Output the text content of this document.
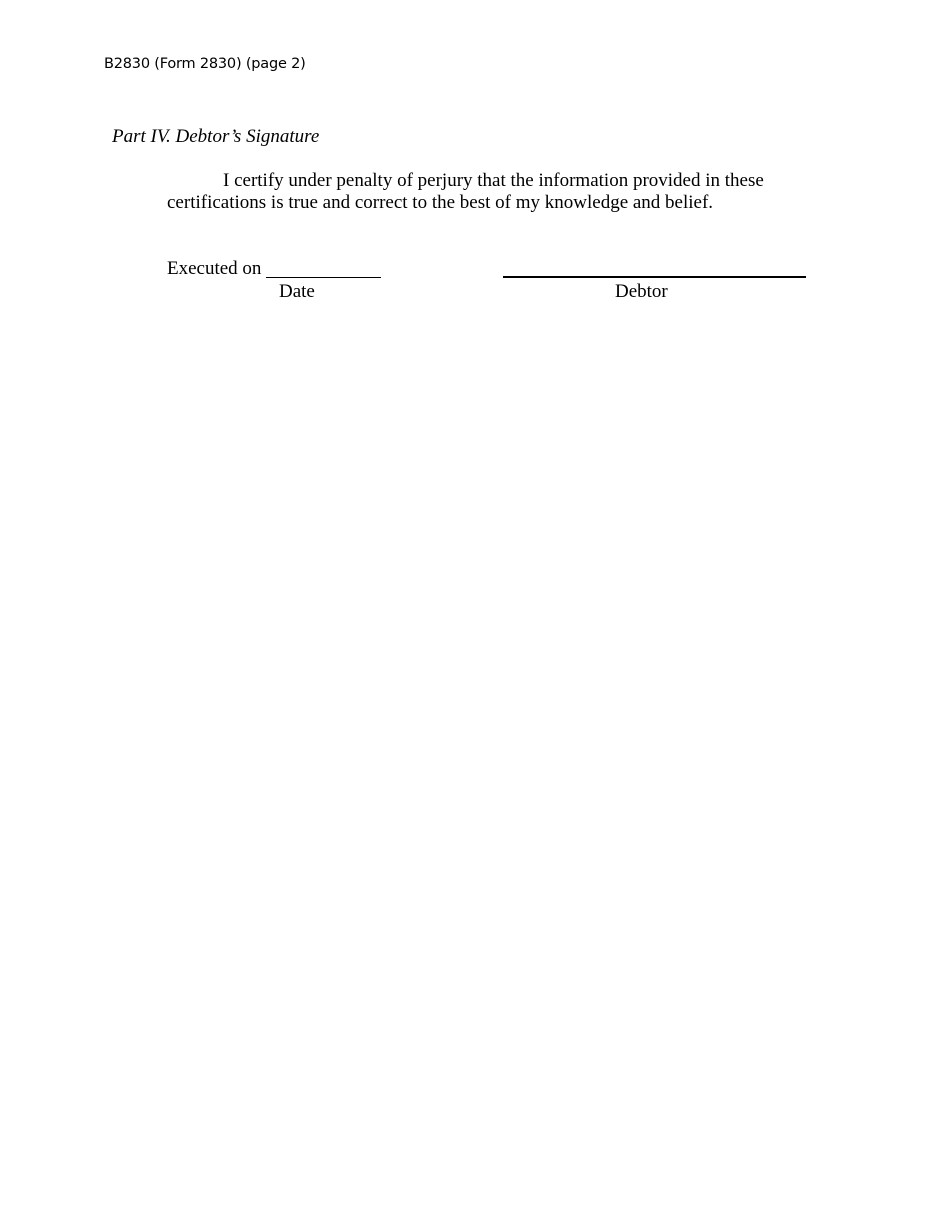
B2830 (Form 2830) (page 2)
Part IV. Debtor’s Signature
I certify under penalty of perjury that the information provided in these certifications is true and correct to the best of my knowledge and belief.
Executed on
Date	Debtor
